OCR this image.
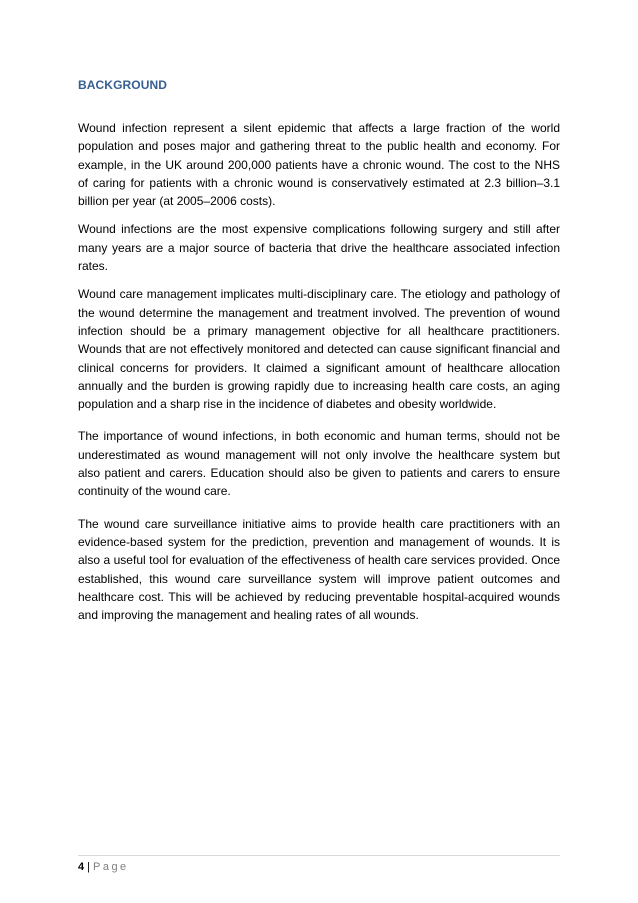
BACKGROUND

Wound infection represent a silent epidemic that affects a large fraction of the world population and poses major and gathering threat to the public health and economy. For example, in the UK around 200,000 patients have a chronic wound. The cost to the NHS of caring for patients with a chronic wound is conservatively estimated at 2.3 billion–3.1 billion per year (at 2005–2006 costs).

Wound infections are the most expensive complications following surgery and still after many years are a major source of bacteria that drive the healthcare associated infection rates.

Wound care management implicates multi-disciplinary care. The etiology and pathology of the wound determine the management and treatment involved. The prevention of wound infection should be a primary management objective for all healthcare practitioners. Wounds that are not effectively monitored and detected can cause significant financial and clinical concerns for providers. It claimed a significant amount of healthcare allocation annually and the burden is growing rapidly due to increasing health care costs, an aging population and a sharp rise in the incidence of diabetes and obesity worldwide.

The importance of wound infections, in both economic and human terms, should not be underestimated as wound management will not only involve the healthcare system but also patient and carers. Education should also be given to patients and carers to ensure continuity of the wound care.

The wound care surveillance initiative aims to provide health care practitioners with an evidence-based system for the prediction, prevention and management of wounds. It is also a useful tool for evaluation of the effectiveness of health care services provided. Once established, this wound care surveillance system will improve patient outcomes and healthcare cost. This will be achieved by reducing preventable hospital-acquired wounds and improving the management and healing rates of all wounds.

4 | Page
